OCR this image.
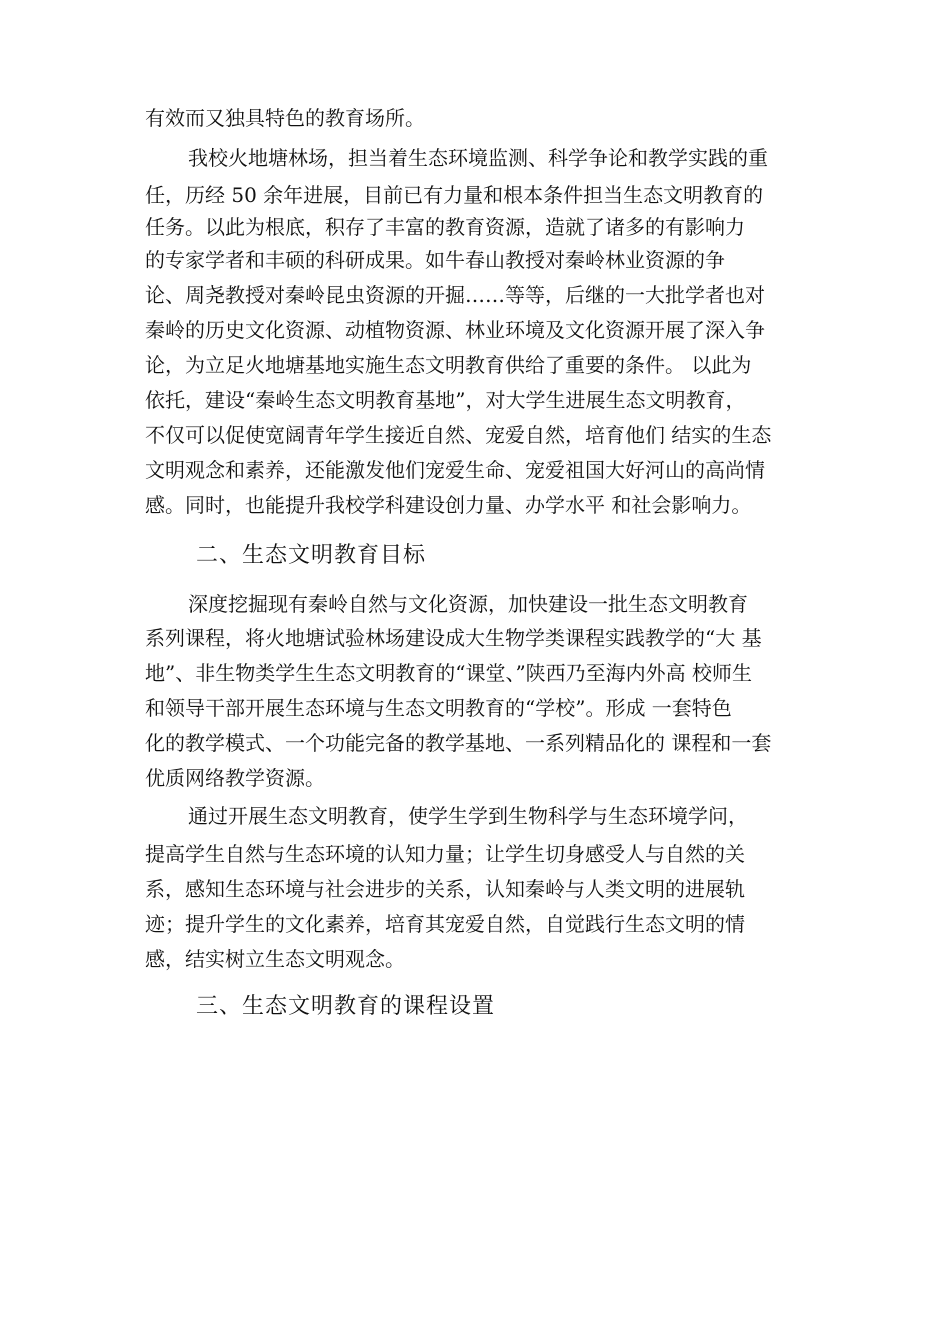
有效而又独具特色的教育场所。

我校火地塘林场，担当着生态环境监测、科学争论和教学实践的重

任，历经 50 余年进展，目前已有力量和根本条件担当生态文明教育的

任务。以此为根底，积存了丰富的教育资源，造就了诸多的有影响力

的专家学者和丰硕的科研成果。如牛春山教授对秦岭林业资源的争

论、周尧教授对秦岭昆虫资源的开掘……等等，后继的一大批学者也对

秦岭的历史文化资源、动植物资源、林业环境及文化资源开展了深入争

论，为立足火地塘基地实施生态文明教育供给了重要的条件。 以此为

依托，建设“秦岭生态文明教育基地”，对大学生进展生态文明教育，

不仅可以促使宽阔青年学生接近自然、宠爱自然，培育他们 结实的生态

文明观念和素养，还能激发他们宠爱生命、宠爱祖国大好河山的高尚情

感。同时，也能提升我校学科建设创力量、办学水平 和社会影响力。

二、生态文明教育目标

深度挖掘现有秦岭自然与文化资源，加快建设一批生态文明教育

系列课程，将火地塘试验林场建设成大生物学类课程实践教学的“大 基

地”、非生物类学生生态文明教育的“课堂、”陕西乃至海内外高 校师生

和领导干部开展生态环境与生态文明教育的“学校”。形成 一套特色

化的教学模式、一个功能完备的教学基地、一系列精品化的 课程和一套

优质网络教学资源。

通过开展生态文明教育，使学生学到生物科学与生态环境学问，

提高学生自然与生态环境的认知力量；让学生切身感受人与自然的关

系，感知生态环境与社会进步的关系，认知秦岭与人类文明的进展轨

迹；提升学生的文化素养，培育其宠爱自然，自觉践行生态文明的情

感，结实树立生态文明观念。

三、生态文明教育的课程设置
